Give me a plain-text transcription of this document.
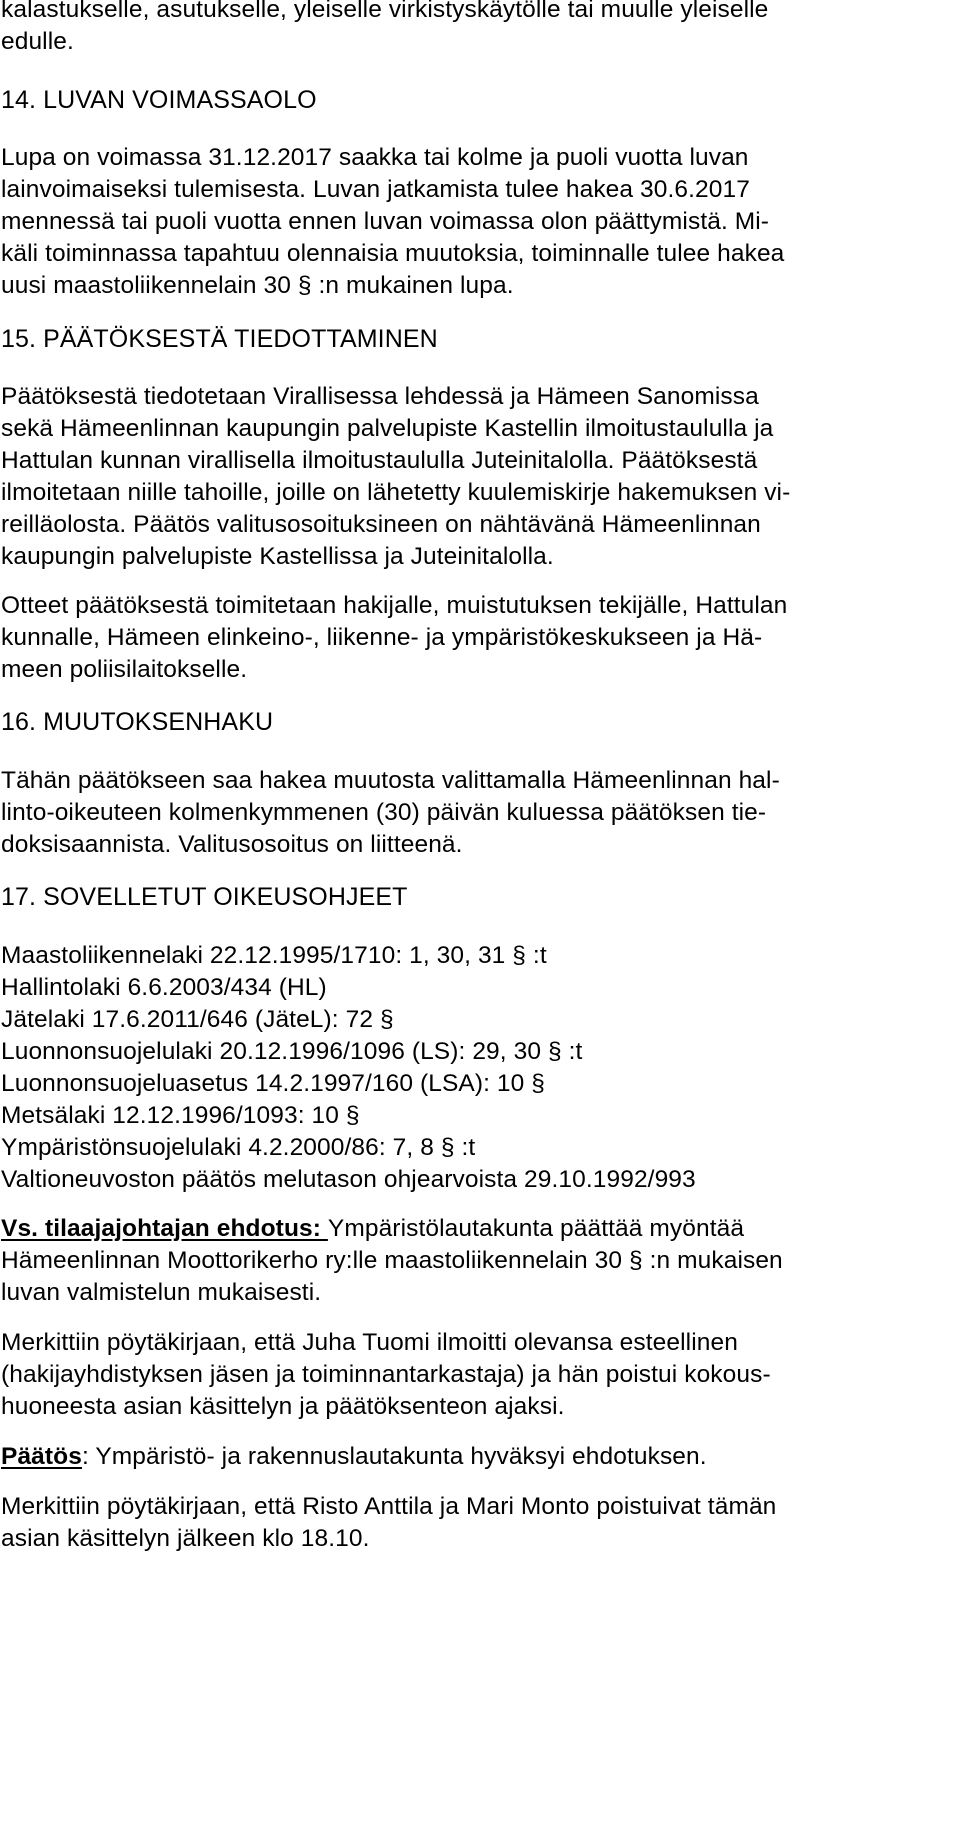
kalastukselle, asutukselle, yleiselle virkistyskäytölle tai muulle yleiselle
edulle.
14. LUVAN VOIMASSAOLO
Lupa on voimassa 31.12.2017 saakka tai kolme ja puoli vuotta luvan
lainvoimaiseksi tulemisesta. Luvan jatkamista tulee hakea 30.6.2017
mennessä tai puoli vuotta ennen luvan voimassa olon päättymistä. Mi-
käli toiminnassa tapahtuu olennaisia muutoksia, toiminnalle tulee hakea
uusi maastoliikennelain 30 § :n mukainen lupa.
15. PÄÄTÖKSESTÄ TIEDOTTAMINEN
Päätöksestä tiedotetaan Virallisessa lehdessä ja Hämeen Sanomissa
sekä Hämeenlinnan kaupungin palvelupiste Kastellin ilmoitustaululla ja
Hattulan kunnan virallisella ilmoitustaululla Juteinitalolla. Päätöksestä
ilmoitetaan niille tahoille, joille on lähetetty kuulemiskirje hakemuksen vi-
reilläolosta. Päätös valitusosoituksineen on nähtävänä Hämeenlinnan
kaupungin palvelupiste Kastellissa ja Juteinitalolla.
Otteet päätöksestä toimitetaan hakijalle, muistutuksen tekijälle, Hattulan
kunnalle, Hämeen elinkeino-, liikenne- ja ympäristökeskukseen ja Hä-
meen poliisilaitokselle.
16. MUUTOKSENHAKU
Tähän päätökseen saa hakea muutosta valittamalla Hämeenlinnan hal-
linto-oikeuteen kolmenkymmenen (30) päivän kuluessa päätöksen tie-
doksisaannista. Valitusosoitus on liitteenä.
17. SOVELLETUT OIKEUSOHJEET
Maastoliikennelaki 22.12.1995/1710: 1, 30, 31 § :t
Hallintolaki 6.6.2003/434 (HL)
Jätelaki 17.6.2011/646 (JäteL): 72 §
Luonnonsuojelulaki 20.12.1996/1096 (LS): 29, 30 § :t
Luonnonsuojeluasetus 14.2.1997/160 (LSA): 10 §
Metsälaki 12.12.1996/1093: 10 §
Ympäristönsuojelulaki 4.2.2000/86: 7, 8 § :t
Valtioneuvoston päätös melutason ohjearvoista 29.10.1992/993
Vs. tilaajajohtajan ehdotus: Ympäristölautakunta päättää myöntää
Hämeenlinnan Moottorikerho ry:lle maastoliikennelain 30 § :n mukaisen
luvan valmistelun mukaisesti.
Merkittiin pöytäkirjaan, että Juha Tuomi ilmoitti olevansa esteellinen
(hakijayhdistyksen jäsen ja toiminnantarkastaja) ja hän poistui kokous-
huoneesta asian käsittelyn ja päätöksenteon ajaksi.
Päätös: Ympäristö- ja rakennuslautakunta hyväksyi ehdotuksen.
Merkittiin pöytäkirjaan, että Risto Anttila ja Mari Monto poistuivat tämän
asian käsittelyn jälkeen klo 18.10.
